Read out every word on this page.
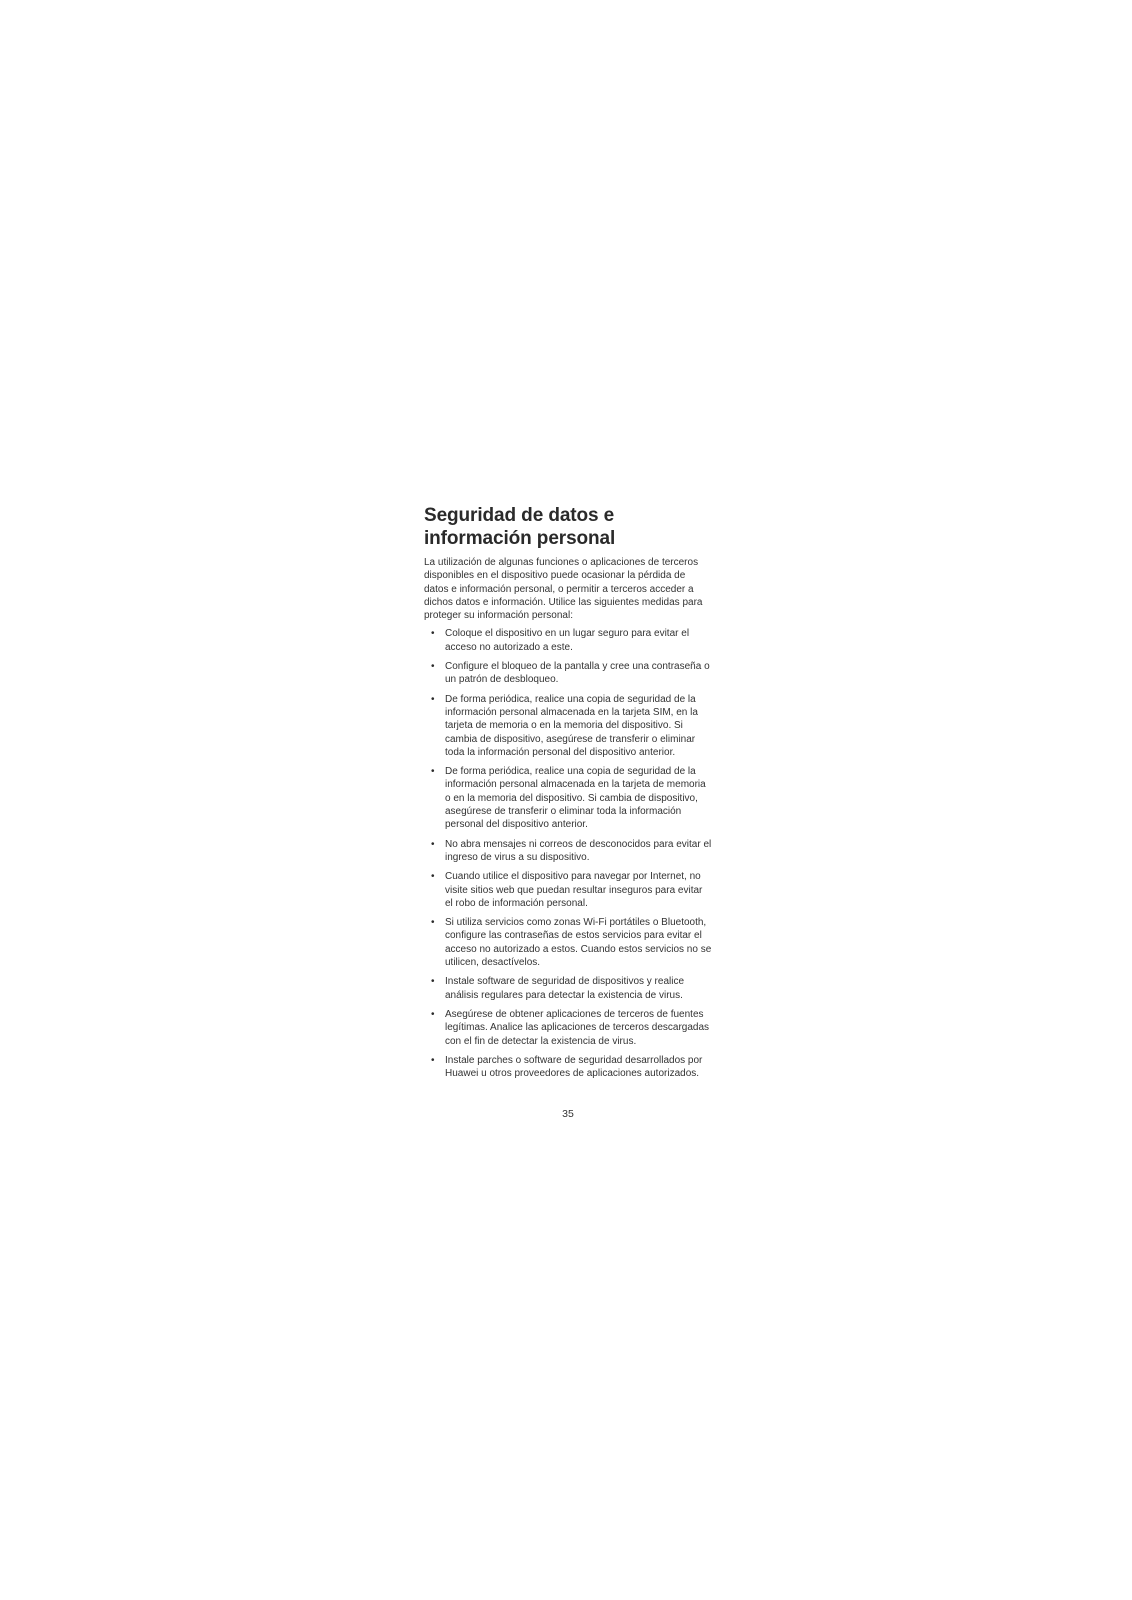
Seguridad de datos e información personal

La utilización de algunas funciones o aplicaciones de terceros disponibles en el dispositivo puede ocasionar la pérdida de datos e información personal, o permitir a terceros acceder a dichos datos e información. Utilice las siguientes medidas para proteger su información personal:

• Coloque el dispositivo en un lugar seguro para evitar el acceso no autorizado a este.
• Configure el bloqueo de la pantalla y cree una contraseña o un patrón de desbloqueo.
• De forma periódica, realice una copia de seguridad de la información personal almacenada en la tarjeta SIM, en la tarjeta de memoria o en la memoria del dispositivo. Si cambia de dispositivo, asegúrese de transferir o eliminar toda la información personal del dispositivo anterior.
• De forma periódica, realice una copia de seguridad de la información personal almacenada en la tarjeta de memoria o en la memoria del dispositivo. Si cambia de dispositivo, asegúrese de transferir o eliminar toda la información personal del dispositivo anterior.
• No abra mensajes ni correos de desconocidos para evitar el ingreso de virus a su dispositivo.
• Cuando utilice el dispositivo para navegar por Internet, no visite sitios web que puedan resultar inseguros para evitar el robo de información personal.
• Si utiliza servicios como zonas Wi-Fi portátiles o Bluetooth, configure las contraseñas de estos servicios para evitar el acceso no autorizado a estos. Cuando estos servicios no se utilicen, desactívelos.
• Instale software de seguridad de dispositivos y realice análisis regulares para detectar la existencia de virus.
• Asegúrese de obtener aplicaciones de terceros de fuentes legítimas. Analice las aplicaciones de terceros descargadas con el fin de detectar la existencia de virus.
• Instale parches o software de seguridad desarrollados por Huawei u otros proveedores de aplicaciones autorizados.
35
